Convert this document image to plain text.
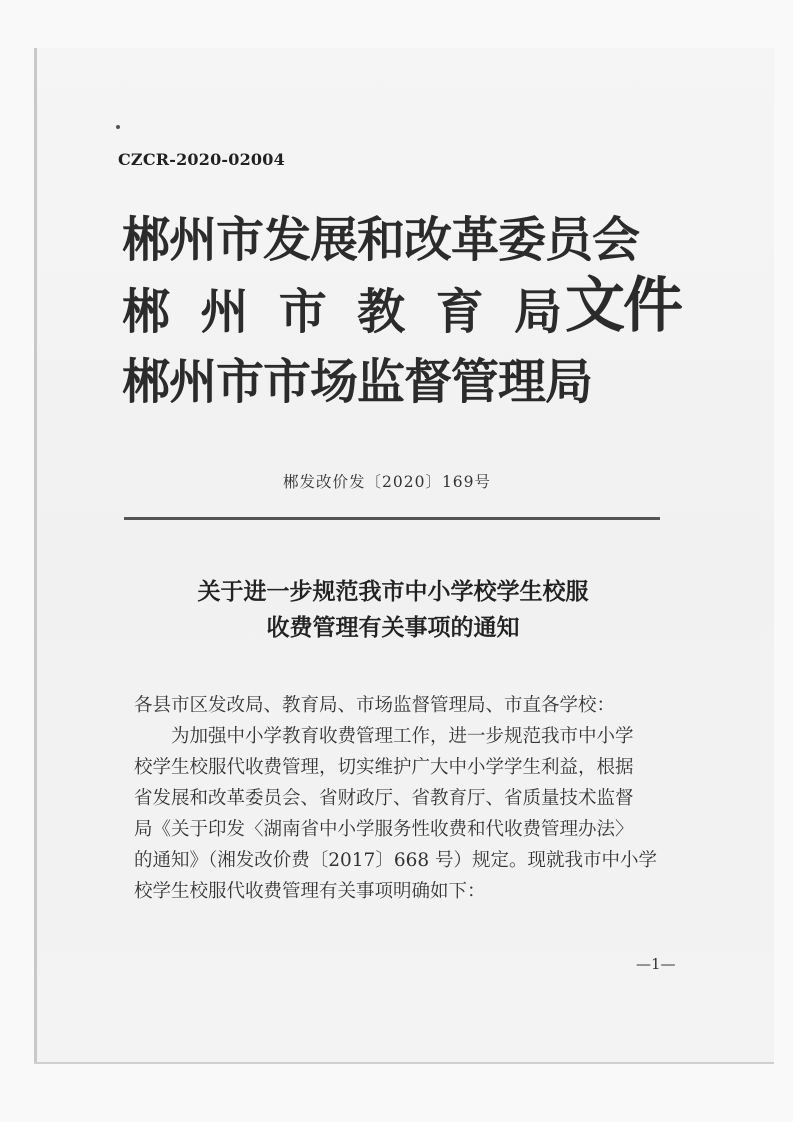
CZCR-2020-02004
郴州市发展和改革委员会
郴 州 市 教 育 局
郴州市市场监督管理局
文件
郴发改价发〔2020〕169号
关于进一步规范我市中小学校学生校服
收费管理有关事项的通知

各县市区发改局、教育局、市场监督管理局、市直各学校：

为加强中小学教育收费管理工作，进一步规范我市中小学

校学生校服代收费管理，切实维护广大中小学学生利益，根据

省发展和改革委员会、省财政厅、省教育厅、省质量技术监督

局《关于印发〈湖南省中小学服务性收费和代收费管理办法〉

的通知》（湘发改价费〔2017〕668 号）规定。现就我市中小学

校学生校服代收费管理有关事项明确如下：

—1—
